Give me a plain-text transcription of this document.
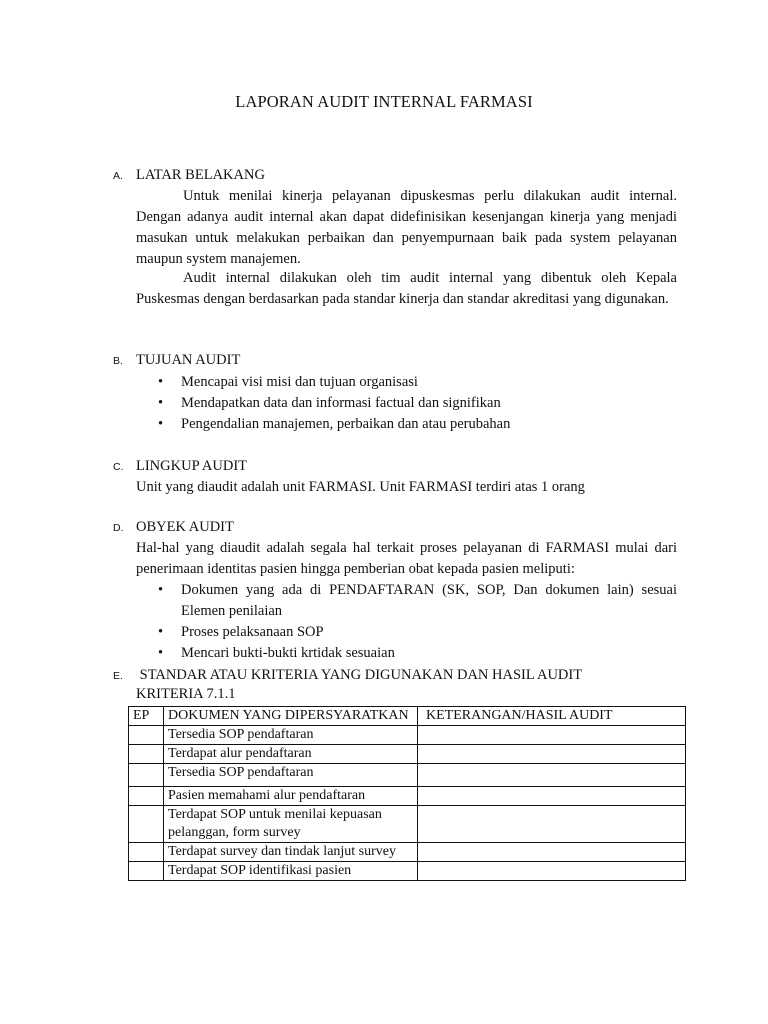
LAPORAN AUDIT INTERNAL FARMASI
A. LATAR BELAKANG
Untuk menilai kinerja pelayanan dipuskesmas perlu dilakukan audit internal. Dengan adanya audit internal akan dapat didefinisikan kesenjangan kinerja yang menjadi masukan untuk melakukan perbaikan dan penyempurnaan baik pada system pelayanan maupun system manajemen.
Audit internal dilakukan oleh tim audit internal yang dibentuk oleh Kepala Puskesmas dengan berdasarkan pada standar kinerja dan standar akreditasi yang digunakan.
B. TUJUAN AUDIT
• Mencapai visi misi dan tujuan organisasi
• Mendapatkan data dan informasi factual dan signifikan
• Pengendalian manajemen, perbaikan dan atau perubahan
C. LINGKUP AUDIT
Unit yang diaudit adalah unit FARMASI. Unit FARMASI terdiri atas 1 orang
D. OBYEK AUDIT
Hal-hal yang diaudit adalah segala hal terkait proses pelayanan di FARMASI mulai dari penerimaan identitas pasien hingga pemberian obat kepada pasien meliputi:
• Dokumen yang ada di PENDAFTARAN (SK, SOP, Dan dokumen lain) sesuai Elemen penilaian
• Proses pelaksanaan SOP
• Mencari bukti-bukti krtidak sesuaian
E. STANDAR ATAU KRITERIA YANG DIGUNAKAN DAN HASIL AUDIT
KRITERIA 7.1.1
EP	DOKUMEN YANG DIPERSYARATKAN	KETERANGAN/HASIL AUDIT
	Tersedia SOP pendaftaran	
	Terdapat alur pendaftaran	
	Tersedia SOP pendaftaran	
	Pasien memahami alur pendaftaran	
	Terdapat SOP untuk menilai kepuasan pelanggan, form survey	
	Terdapat survey dan tindak lanjut survey	
	Terdapat SOP identifikasi pasien	
